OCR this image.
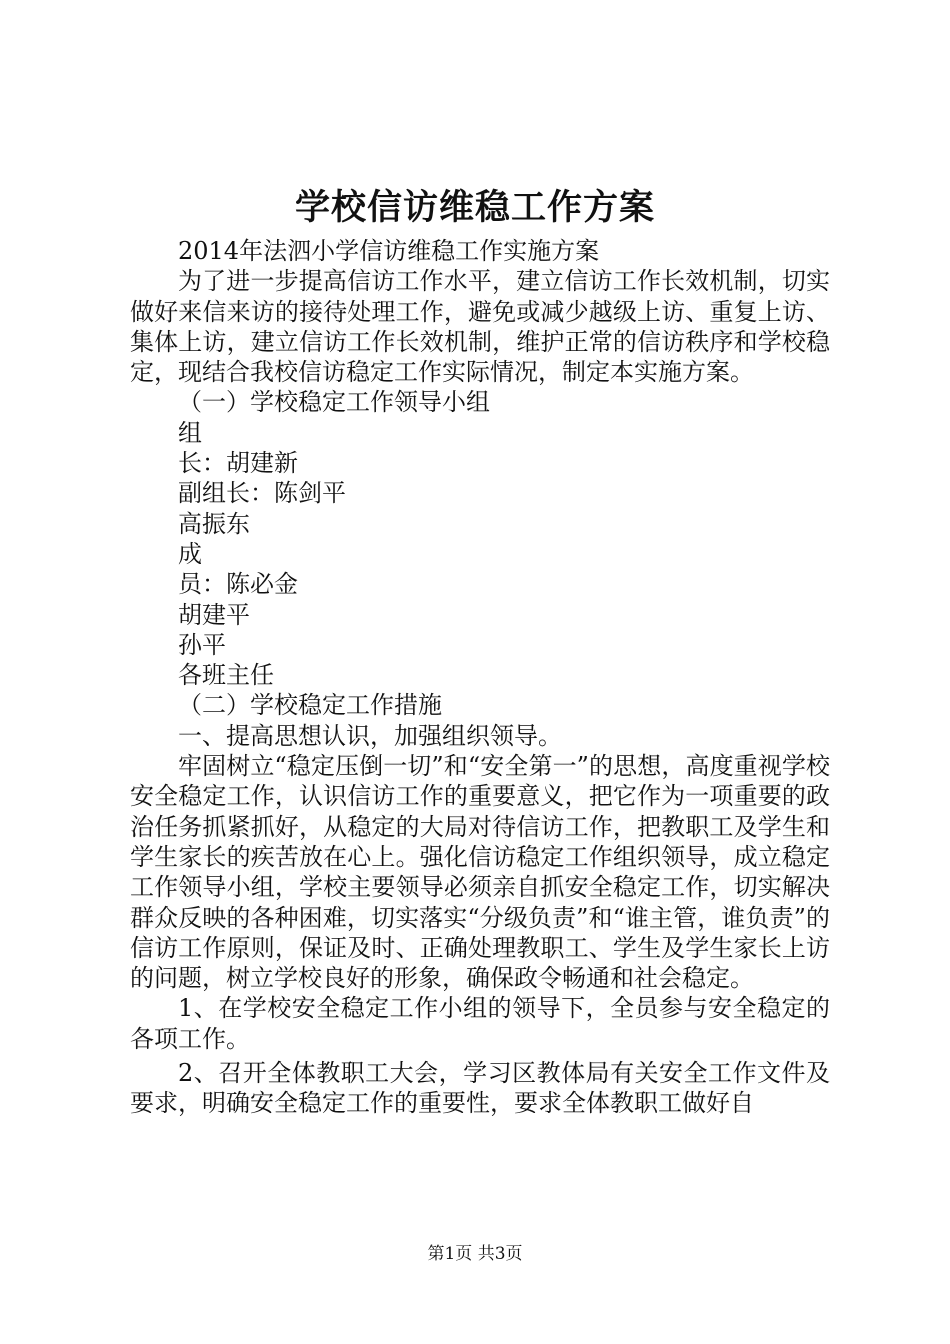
学校信访维稳工作方案

2014年法泗小学信访维稳工作实施方案

为了进一步提高信访工作水平，建立信访工作长效机制，切实做好来信来访的接待处理工作，避免或减少越级上访、重复上访、集体上访，建立信访工作长效机制，维护正常的信访秩序和学校稳定，现结合我校信访稳定工作实际情况，制定本实施方案。

（一）学校稳定工作领导小组

组

长：胡建新

副组长：陈剑平

高振东

成

员：陈必金

胡建平

孙平

各班主任

（二）学校稳定工作措施

一、提高思想认识，加强组织领导。

牢固树立“稳定压倒一切”和“安全第一”的思想，高度重视学校安全稳定工作，认识信访工作的重要意义，把它作为一项重要的政治任务抓紧抓好，从稳定的大局对待信访工作，把教职工及学生和学生家长的疾苦放在心上。强化信访稳定工作组织领导，成立稳定工作领导小组，学校主要领导必须亲自抓安全稳定工作，切实解决群众反映的各种困难，切实落实“分级负责”和“谁主管，谁负责”的信访工作原则，保证及时、正确处理教职工、学生及学生家长上访的问题，树立学校良好的形象，确保政令畅通和社会稳定。

1、在学校安全稳定工作小组的领导下，全员参与安全稳定的各项工作。

2、召开全体教职工大会，学习区教体局有关安全工作文件及要求，明确安全稳定工作的重要性，要求全体教职工做好自

第1页 共3页
